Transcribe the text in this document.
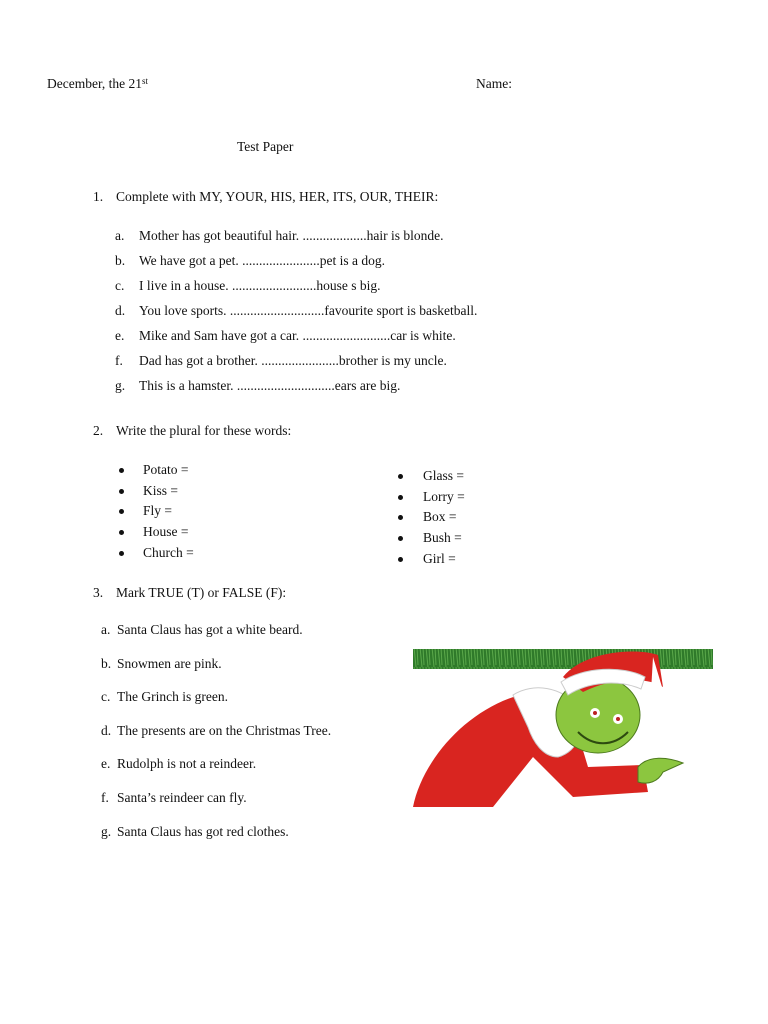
December, the 21st	Name:
Test Paper
1. Complete with MY, YOUR, HIS, HER, ITS, OUR, THEIR:
a. Mother has got beautiful hair. ...................hair is blonde.
b. We have got a pet. .......................pet is a dog.
c. I live in a house. .........................house s big.
d. You love sports. ............................favourite sport is basketball.
e. Mike and Sam have got a car. ..........................car is white.
f. Dad has got a brother. .......................brother is my uncle.
g. This is a hamster. .............................ears are big.
2. Write the plural for these words:
Potato =
Kiss =
Fly =
House =
Church =
Glass =
Lorry =
Box =
Bush =
Girl =
3. Mark TRUE (T) or FALSE (F):
a. Santa Claus has got a white beard.
b. Snowmen are pink.
c. The Grinch is green.
d. The presents are on the Christmas Tree.
e. Rudolph is not a reindeer.
f. Santa’s reindeer can fly.
g. Santa Claus has got red clothes.
